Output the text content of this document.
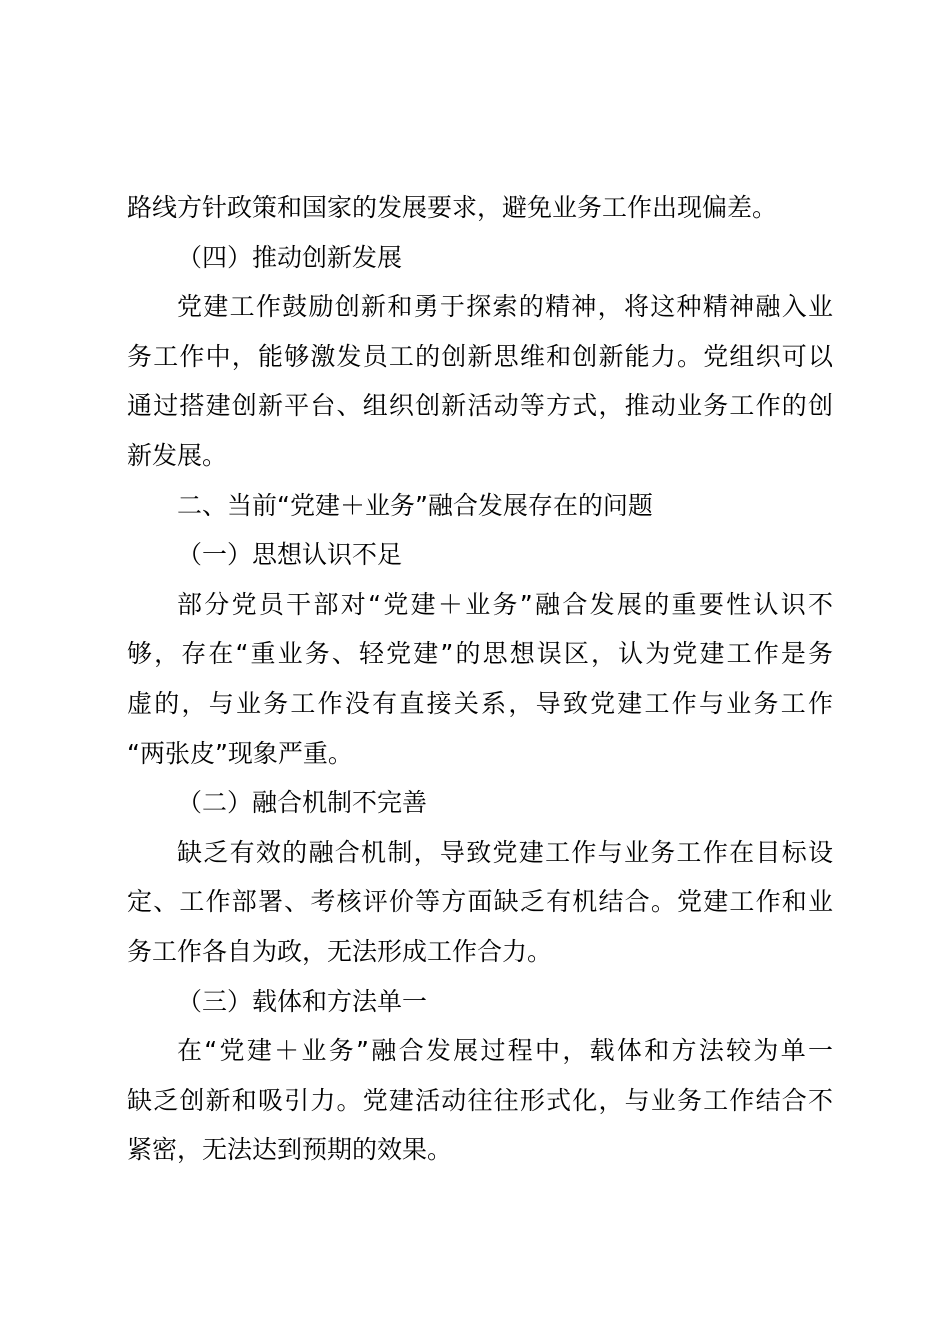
路线方针政策和国家的发展要求，避免业务工作出现偏差。
（四）推动创新发展
党建工作鼓励创新和勇于探索的精神，将这种精神融入业
务工作中，能够激发员工的创新思维和创新能力。党组织可以
通过搭建创新平台、组织创新活动等方式，推动业务工作的创
新发展。
二、当前“党建＋业务”融合发展存在的问题
（一）思想认识不足
部分党员干部对“党建＋业务”融合发展的重要性认识不
够，存在“重业务、轻党建”的思想误区，认为党建工作是务
虚的，与业务工作没有直接关系，导致党建工作与业务工作
“两张皮”现象严重。
（二）融合机制不完善
缺乏有效的融合机制，导致党建工作与业务工作在目标设
定、工作部署、考核评价等方面缺乏有机结合。党建工作和业
务工作各自为政，无法形成工作合力。
（三）载体和方法单一
在“党建＋业务”融合发展过程中，载体和方法较为单一
缺乏创新和吸引力。党建活动往往形式化，与业务工作结合不
紧密，无法达到预期的效果。
